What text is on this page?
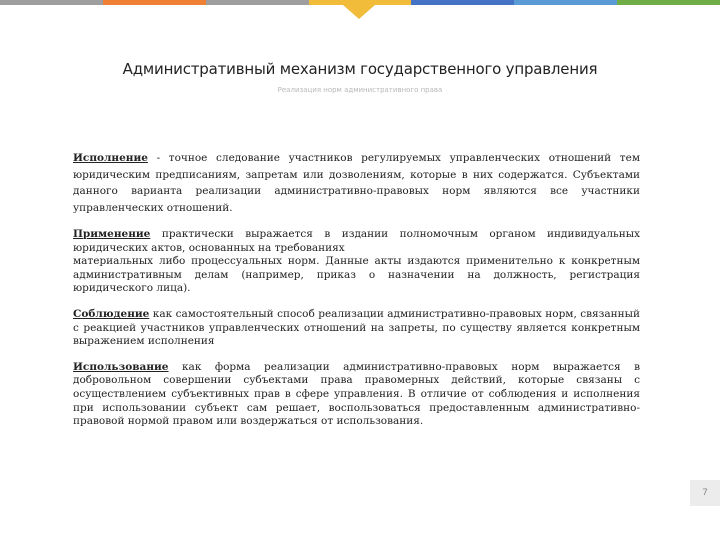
Административный механизм государственного управления
Реализация норм административного права

Исполнение - точное следование участников регулируемых управленческих отношений тем юридическим предписаниям, запретам или дозволениям, которые в них содержатся. Субъектами данного варианта реализации административно-правовых норм являются все участники управленческих отношений.

Применение практически выражается в издании полномочным органом индивидуальных юридических актов, основанных на требованиях
материальных либо процессуальных норм. Данные акты издаются применительно к конкретным административным делам (например, приказ о назначении на должность, регистрация юридического лица).

Соблюдение как самостоятельный способ реализации административно-правовых норм, связанный с реакцией участников управленческих отношений на запреты, по существу является конкретным выражением исполнения

Использование как форма реализации административно-правовых норм выражается в добровольном совершении субъектами права правомерных действий, которые связаны с осуществлением субъективных прав в сфере управления. В отличие от соблюдения и исполнения при использовании субъект сам решает, воспользоваться предоставленным административно-правовой нормой правом или воздержаться от использования.

7
